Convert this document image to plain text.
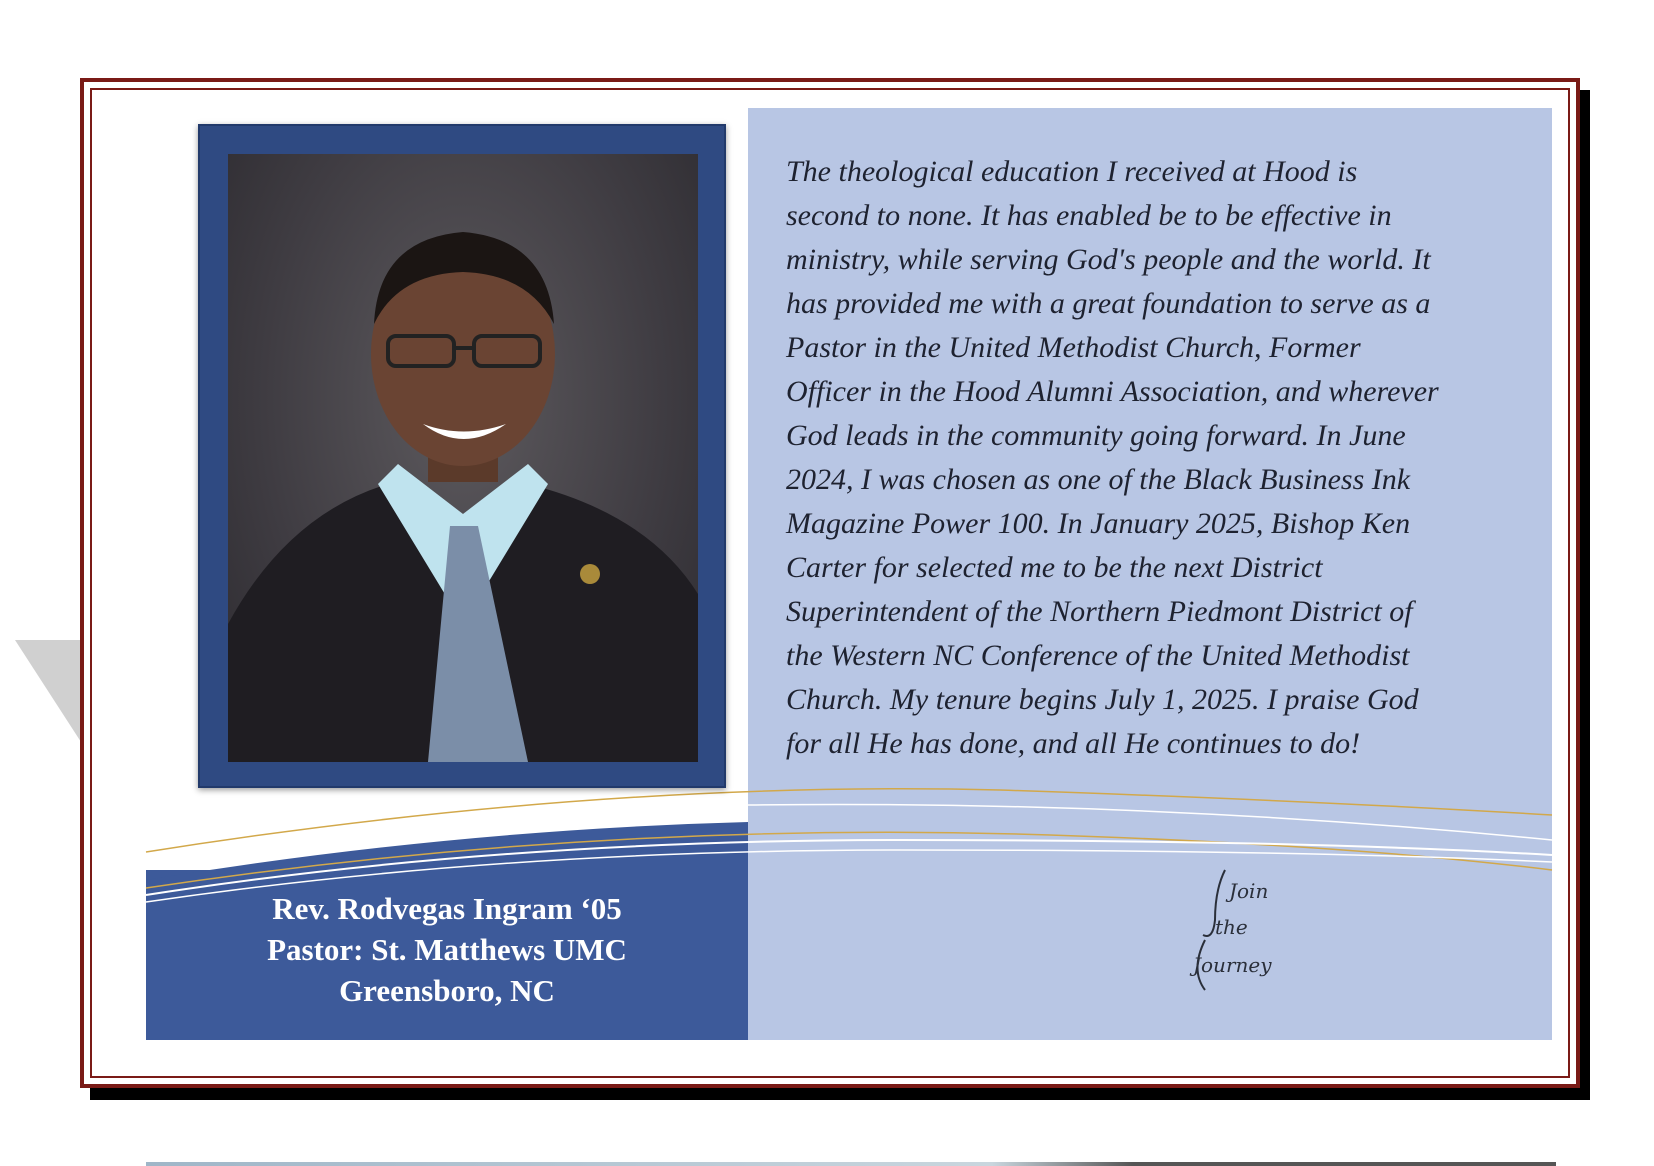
The theological education I received at Hood is
second to none. It has enabled be to be effective in
ministry, while serving God's people and the world. It
has provided me with a great foundation to serve as a
Pastor in the United Methodist Church, Former
Officer in the Hood Alumni Association, and wherever
God leads in the community going forward. In June
2024, I was chosen as one of the Black Business Ink
Magazine Power 100. In January 2025, Bishop Ken
Carter for selected me to be the next District
Superintendent of the Northern Piedmont District of
the Western NC Conference of the United Methodist
Church. My tenure begins July 1, 2025. I praise God
for all He has done, and all He continues to do!

Rev. Rodvegas Ingram ‘05
Pastor: St. Matthews UMC
Greensboro, NC
Join
the
Journey
